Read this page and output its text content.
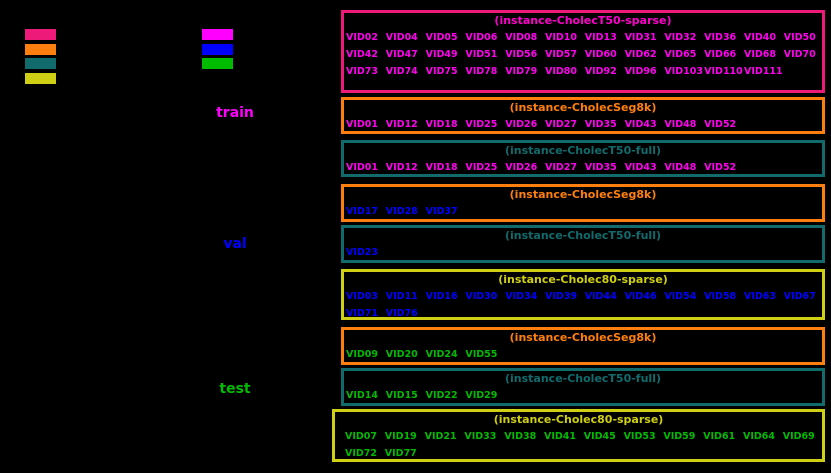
train
val
test
(instance-CholecT50-sparse)
VID02 VID04 VID05 VID06 VID08 VID10 VID13 VID31 VID32 VID36 VID40 VID50
VID42 VID47 VID49 VID51 VID56 VID57 VID60 VID62 VID65 VID66 VID68 VID70
VID73 VID74 VID75 VID78 VID79 VID80 VID92 VID96 VID103 VID110 VID111
(instance-CholecSeg8k)
VID01 VID12 VID18 VID25 VID26 VID27 VID35 VID43 VID48 VID52
(instance-CholecT50-full)
VID01 VID12 VID18 VID25 VID26 VID27 VID35 VID43 VID48 VID52
(instance-CholecSeg8k)
VID17 VID28 VID37
(instance-CholecT50-full)
VID23
(instance-Cholec80-sparse)
VID03 VID11 VID16 VID30 VID34 VID39 VID44 VID46 VID54 VID58 VID63 VID67
VID71 VID76
(instance-CholecSeg8k)
VID09 VID20 VID24 VID55
(instance-CholecT50-full)
VID14 VID15 VID22 VID29
(instance-Cholec80-sparse)
VID07 VID19 VID21 VID33 VID38 VID41 VID45 VID53 VID59 VID61 VID64 VID69
VID72 VID77
